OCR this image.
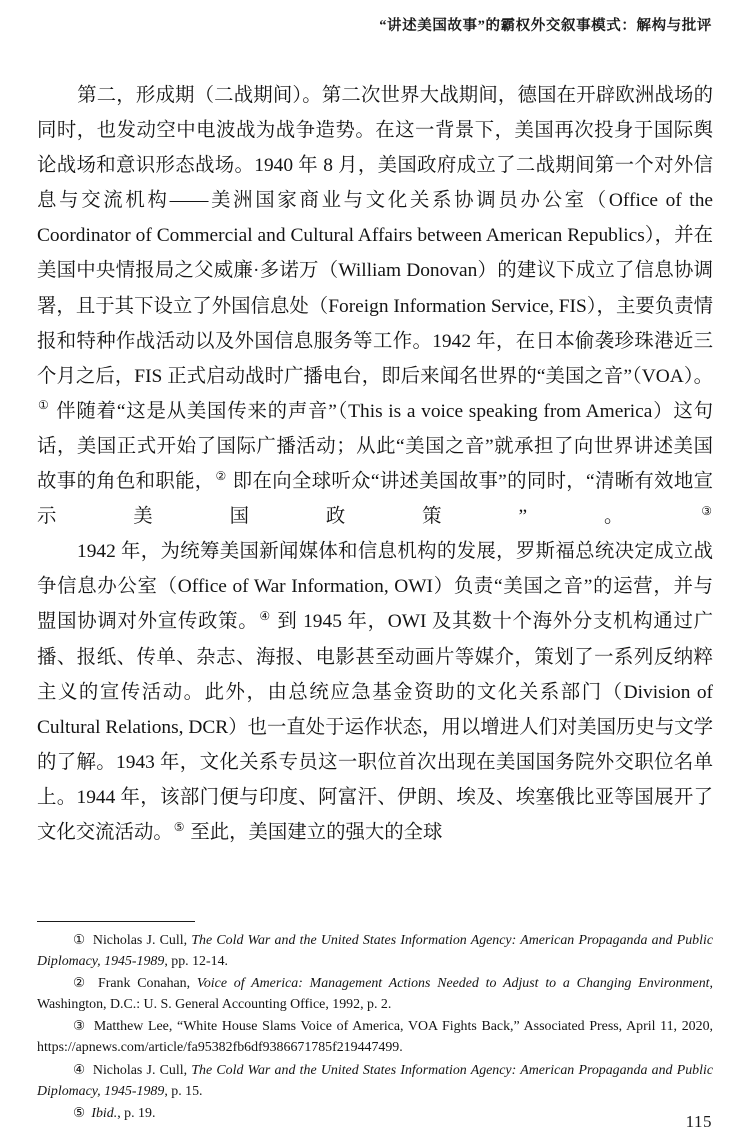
“讲述美国故事”的霸权外交叙事模式：解构与批评

第二，形成期（二战期间）。第二次世界大战期间，德国在开辟欧洲战场的同时，也发动空中电波战为战争造势。在这一背景下，美国再次投身于国际舆论战场和意识形态战场。1940 年 8 月，美国政府成立了二战期间第一个对外信息与交流机构——美洲国家商业与文化关系协调员办公室（Office of the Coordinator of Commercial and Cultural Affairs between American Republics），并在美国中央情报局之父威廉·多诺万（William Donovan）的建议下成立了信息协调署，且于其下设立了外国信息处（Foreign Information Service, FIS），主要负责情报和特种作战活动以及外国信息服务等工作。1942 年，在日本偷袭珍珠港近三个月之后，FIS 正式启动战时广播电台，即后来闻名世界的“美国之音”（VOA）。① 伴随着“这是从美国传来的声音”（This is a voice speaking from America）这句话，美国正式开始了国际广播活动；从此“美国之音”就承担了向世界讲述美国故事的角色和职能，② 即在向全球听众“讲述美国故事”的同时，“清晰有效地宣示美国政策”。③

1942 年，为统筹美国新闻媒体和信息机构的发展，罗斯福总统决定成立战争信息办公室（Office of War Information, OWI）负责“美国之音”的运营，并与盟国协调对外宣传政策。④ 到 1945 年，OWI 及其数十个海外分支机构通过广播、报纸、传单、杂志、海报、电影甚至动画片等媒介，策划了一系列反纳粹主义的宣传活动。此外，由总统应急基金资助的文化关系部门（Division of Cultural Relations, DCR）也一直处于运作状态，用以增进人们对美国历史与文学的了解。1943 年，文化关系专员这一职位首次出现在美国国务院外交职位名单上。1944 年，该部门便与印度、阿富汗、伊朗、埃及、埃塞俄比亚等国展开了文化交流活动。⑤ 至此，美国建立的强大的全球

① Nicholas J. Cull, The Cold War and the United States Information Agency: American Propaganda and Public Diplomacy, 1945-1989, pp. 12-14.

② Frank Conahan, Voice of America: Management Actions Needed to Adjust to a Changing Environment, Washington, D.C.: U. S. General Accounting Office, 1992, p. 2.

③ Matthew Lee, “White House Slams Voice of America, VOA Fights Back,” Associated Press, April 11, 2020, https://apnews.com/article/fa95382fb6df9386671785f219447499.

④ Nicholas J. Cull, The Cold War and the United States Information Agency: American Propaganda and Public Diplomacy, 1945-1989, p. 15.

⑤ Ibid., p. 19.	115
